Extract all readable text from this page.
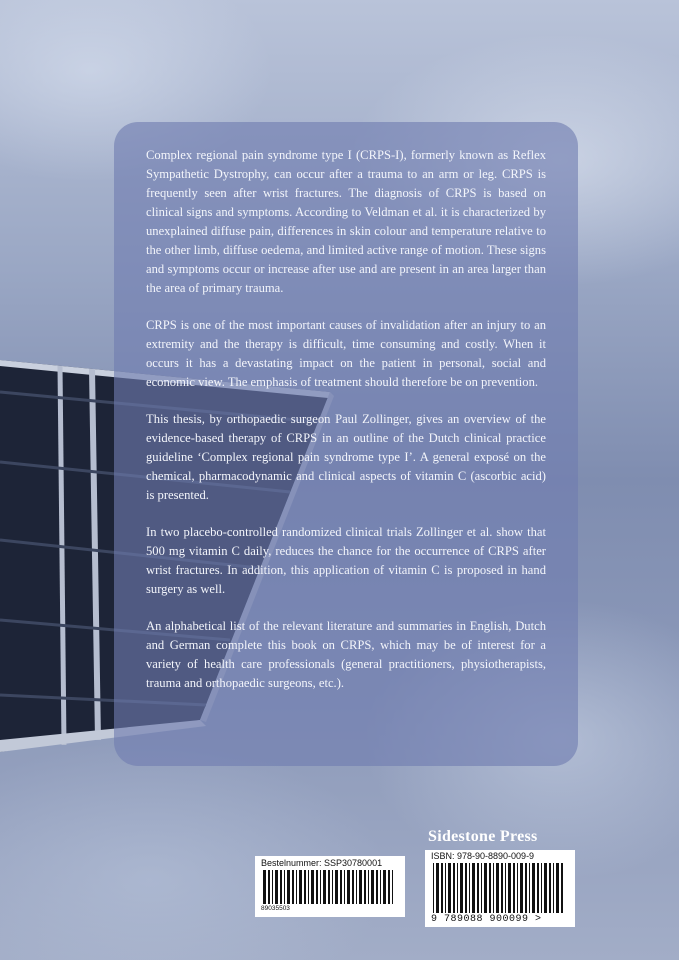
Complex regional pain syndrome type I (CRPS-I), formerly known as Reflex Sympathetic Dystrophy, can occur after a trauma to an arm or leg. CRPS is frequently seen after wrist fractures. The diagnosis of CRPS is based on clinical signs and symptoms. According to Veldman et al. it is characterized by unexplained diffuse pain, differences in skin colour and temperature relative to the other limb, diffuse oedema, and limited active range of motion. These signs and symptoms occur or increase after use and are present in an area larger than the area of primary trauma.

CRPS is one of the most important causes of invalidation after an injury to an extremity and the therapy is difficult, time consuming and costly. When it occurs it has a devastating impact on the patient in personal, social and economic view. The emphasis of treatment should therefore be on prevention.

This thesis, by orthopaedic surgeon Paul Zollinger, gives an overview of the evidence-based therapy of CRPS in an outline of the Dutch clinical practice guideline ‘Complex regional pain syndrome type I’. A general exposé on the chemical, pharmacodynamic and clinical aspects of vitamin C (ascorbic acid) is presented.

In two placebo-controlled randomized clinical trials Zollinger et al. show that 500 mg vitamin C daily, reduces the chance for the occurrence of CRPS after wrist fractures. In addition, this application of vitamin C is proposed in hand surgery as well.

An alphabetical list of the relevant literature and summaries in English, Dutch and German complete this book on CRPS, which may be of interest for a variety of health care professionals (general practitioners, physiotherapists, trauma and orthopaedic surgeons, etc.).

Sidestone Press
Bestelnummer: SSP30780001
89035503
ISBN: 978-90-8890-009-9
9 789088 900099 >
